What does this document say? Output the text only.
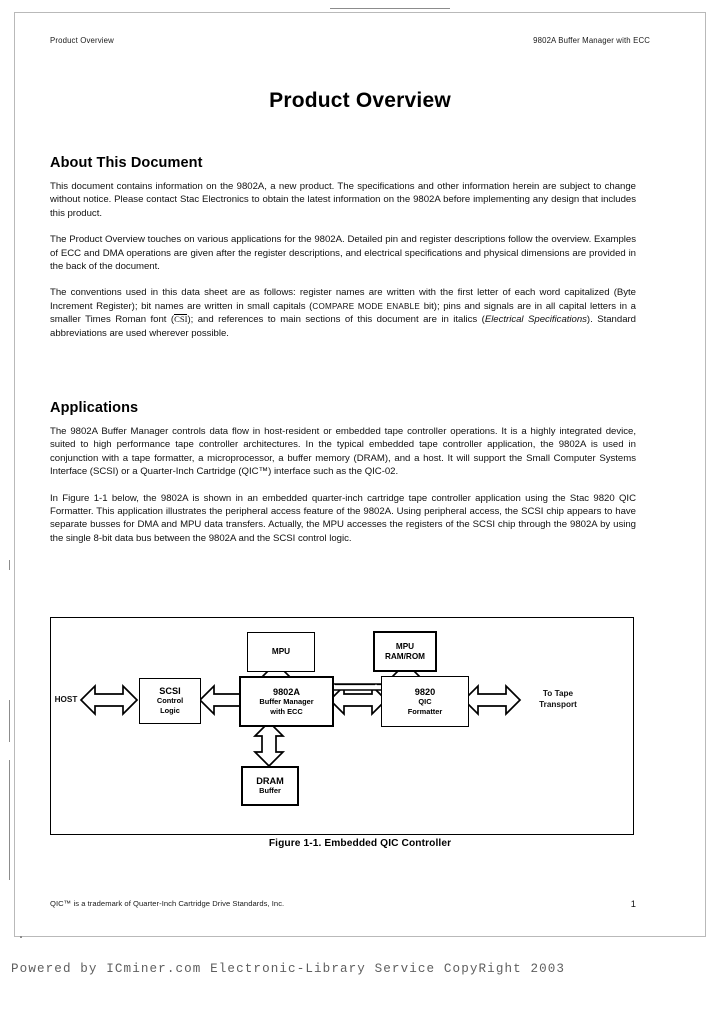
Product Overview	9802A Buffer Manager with ECC
Product Overview
About This Document

This document contains information on the 9802A, a new product. The specifications and other information herein are subject to change without notice. Please contact Stac Electronics to obtain the latest information on the 9802A before implementing any design that includes this product.

The Product Overview touches on various applications for the 9802A. Detailed pin and register descriptions follow the overview. Examples of ECC and DMA operations are given after the register descriptions, and electrical specifications and physical dimensions are provided in the back of the document.

The conventions used in this data sheet are as follows: register names are written with the first letter of each word capitalized (Byte Increment Register); bit names are written in small capitals (COMPARE MODE ENABLE bit); pins and signals are in all capital letters in a smaller Times Roman font (CSI); and references to main sections of this document are in italics (Electrical Specifications). Standard abbreviations are used wherever possible.

Applications

The 9802A Buffer Manager controls data flow in host-resident or embedded tape controller operations. It is a highly integrated device, suited to high performance tape controller architectures. In the typical embedded tape controller application, the 9802A is used in conjunction with a tape formatter, a microprocessor, a buffer memory (DRAM), and a host. It will support the Small Computer Systems Interface (SCSI) or a Quarter-Inch Cartridge (QIC™) interface such as the QIC-02.

In Figure 1-1 below, the 9802A is shown in an embedded quarter-inch cartridge tape controller application using the Stac 9820 QIC Formatter. This application illustrates the peripheral access feature of the 9802A. Using peripheral access, the SCSI chip appears to have separate busses for DMA and MPU data transfers. Actually, the MPU accesses the registers of the SCSI chip through the 9802A by using the single 8-bit data bus between the 9802A and the SCSI control logic.

MPU
MPU
RAM/ROM
SCSI
Control
Logic
9802A
Buffer Manager
with ECC
9820
QIC
Formatter
DRAM
Buffer
HOST
To Tape
Transport
Figure 1-1. Embedded QIC Controller
QIC™ is a trademark of Quarter-Inch Cartridge Drive Standards, Inc.	1
Powered by ICminer.com Electronic-Library Service CopyRight 2003
